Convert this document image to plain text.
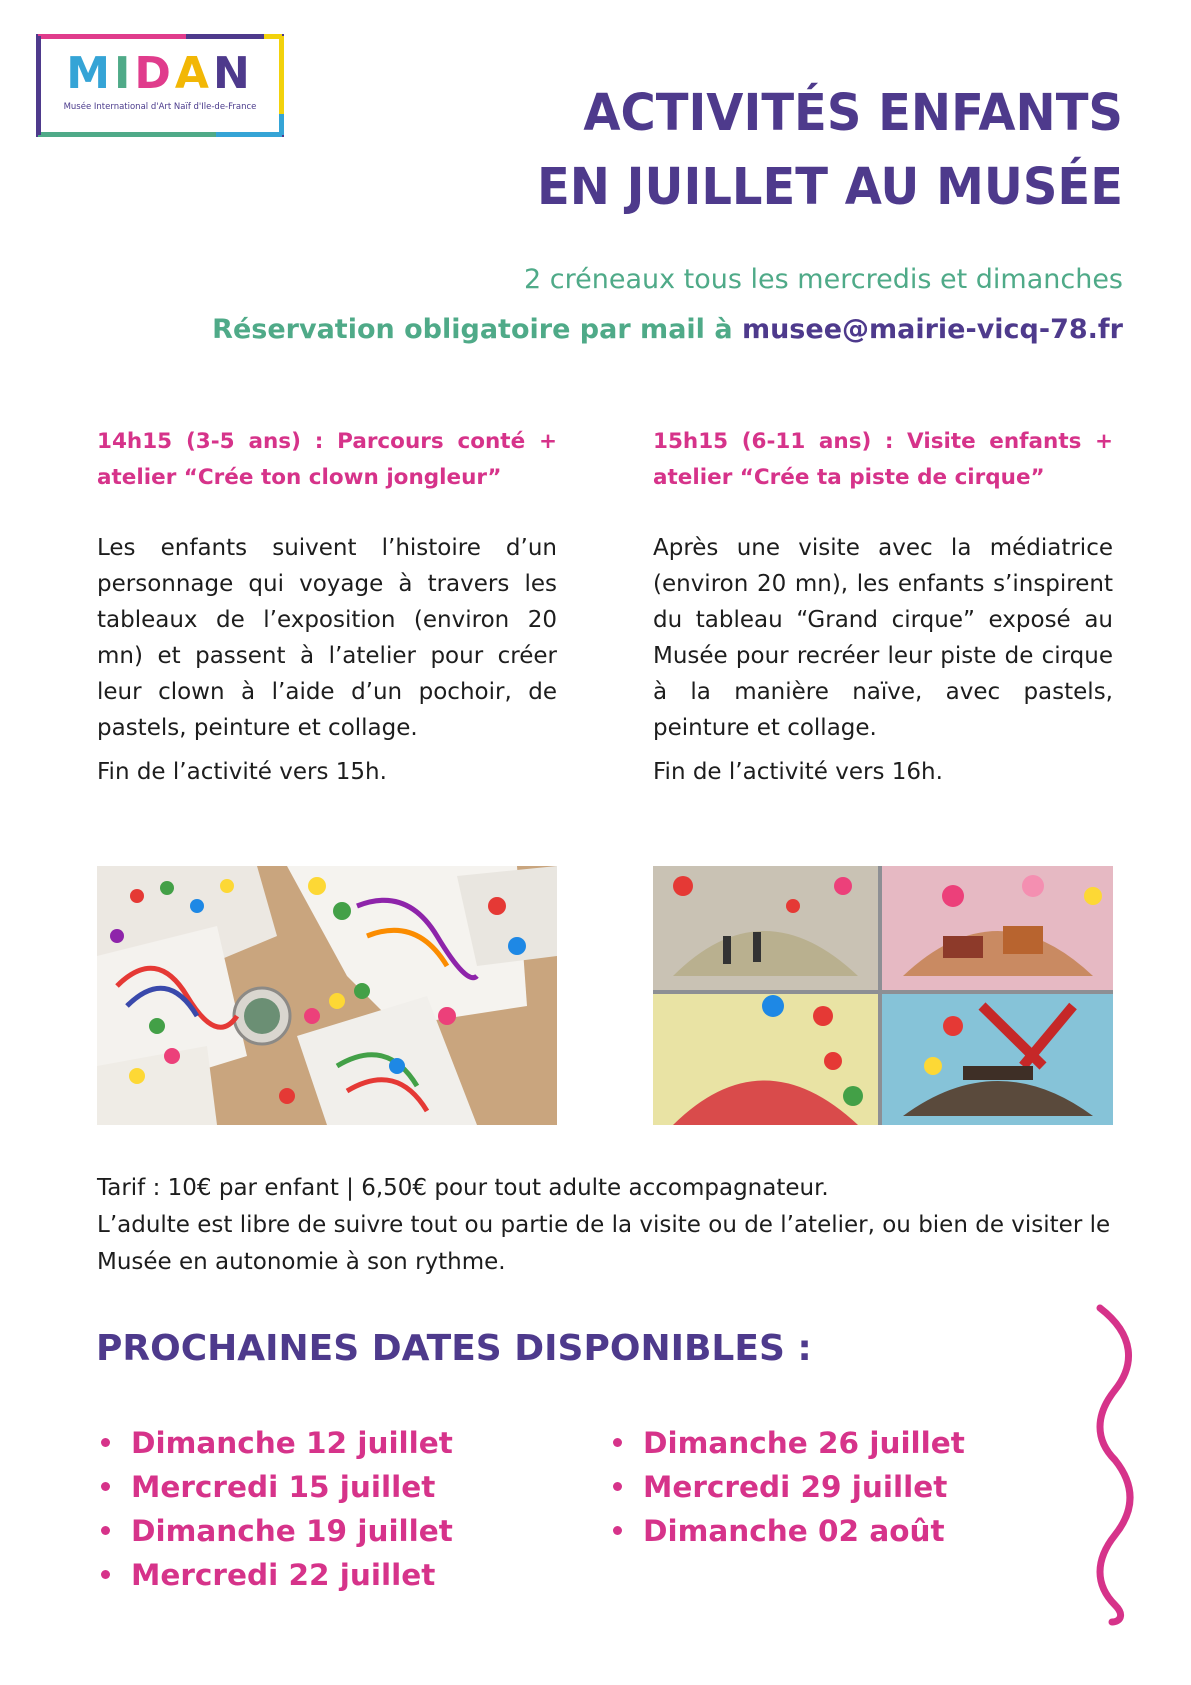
MIDAN
Musée International d'Art Naïf d'Ile-de-France	ACTIVITÉS ENFANTS
EN JUILLET AU MUSÉE
2 créneaux tous les mercredis et dimanches
Réservation obligatoire par mail à musee@mairie-vicq-78.fr
14h15 (3-5 ans) : Parcours conté + atelier “Crée ton clown jongleur”
Les enfants suivent l’histoire d’un personnage qui voyage à travers les tableaux de l’exposition (environ 20 mn) et passent à l’atelier pour créer leur clown à l’aide d’un pochoir, de pastels, peinture et collage.
Fin de l’activité vers 15h.
15h15 (6-11 ans) : Visite enfants + atelier “Crée ta piste de cirque”
Après une visite avec la médiatrice (environ 20 mn), les enfants s’inspirent du tableau “Grand cirque” exposé au Musée pour recréer leur piste de cirque à la manière naïve, avec pastels, peinture et collage.
Fin de l’activité vers 16h.
Tarif : 10€ par enfant | 6,50€ pour tout adulte accompagnateur.
L’adulte est libre de suivre tout ou partie de la visite ou de l’atelier, ou bien de visiter le Musée en autonomie à son rythme.
PROCHAINES DATES DISPONIBLES :
Dimanche 12 juillet
Mercredi 15 juillet
Dimanche 19 juillet
Mercredi 22 juillet
Dimanche 26 juillet
Mercredi 29 juillet
Dimanche 02 août
